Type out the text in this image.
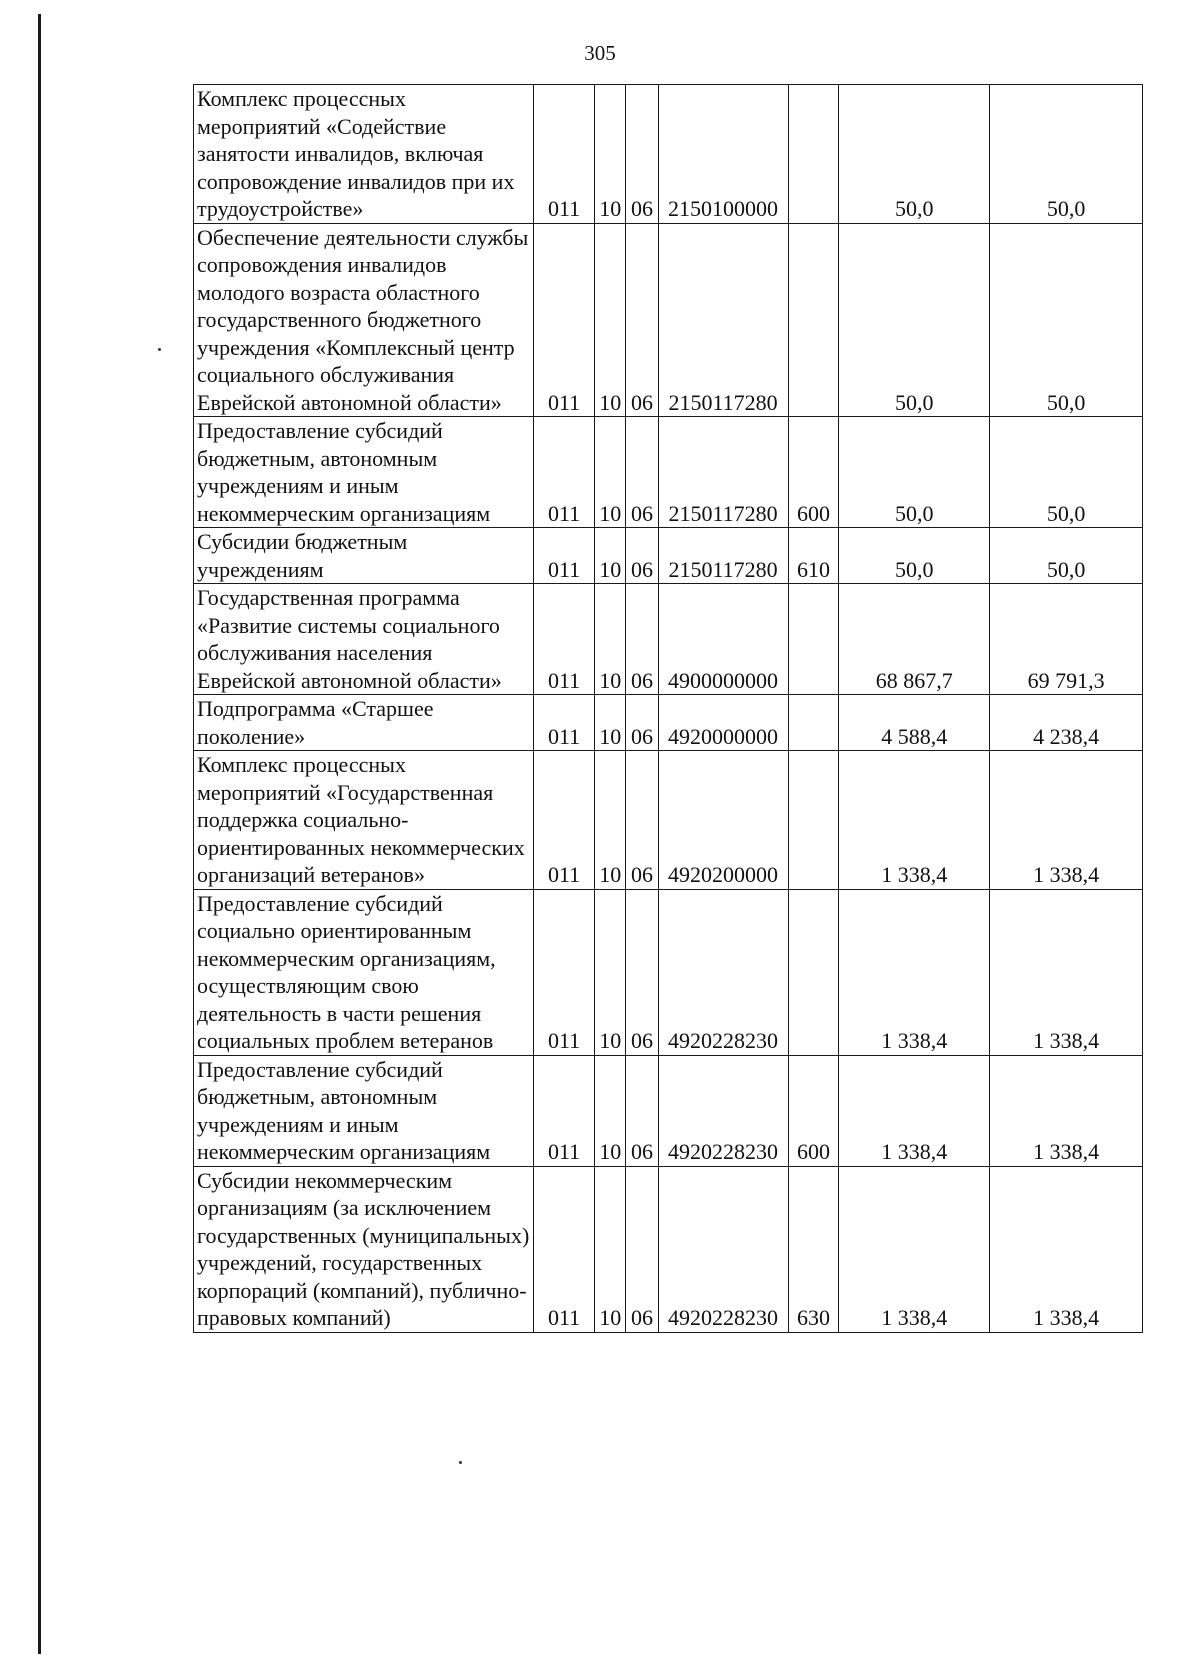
305
Комплекс процессных мероприятий «Содействие занятости инвалидов, включая сопровождение инвалидов при их трудоустройстве»	011	10	06	2150100000		50,0	50,0
Обеспечение деятельности службы сопровождения инвалидов молодого возраста областного государственного бюджетного учреждения «Комплексный центр социального обслуживания Еврейской автономной области»	011	10	06	2150117280		50,0	50,0
Предоставление субсидий бюджетным, автономным учреждениям и иным некоммерческим организациям	011	10	06	2150117280	600	50,0	50,0
Субсидии бюджетным учреждениям	011	10	06	2150117280	610	50,0	50,0
Государственная программа «Развитие системы социального обслуживания населения Еврейской автономной области»	011	10	06	4900000000		68 867,7	69 791,3
Подпрограмма «Старшее поколение»	011	10	06	4920000000		4 588,4	4 238,4
Комплекс процессных мероприятий «Государственная поддержка социально-ориентированных некоммерческих организаций ветеранов»	011	10	06	4920200000		1 338,4	1 338,4
Предоставление субсидий социально ориентированным некоммерческим организациям, осуществляющим свою деятельность в части решения социальных проблем ветеранов	011	10	06	4920228230		1 338,4	1 338,4
Предоставление субсидий бюджетным, автономным учреждениям и иным некоммерческим организациям	011	10	06	4920228230	600	1 338,4	1 338,4
Субсидии некоммерческим организациям (за исключением государственных (муниципальных) учреждений, государственных корпораций (компаний), публично-правовых компаний)	011	10	06	4920228230	630	1 338,4	1 338,4
